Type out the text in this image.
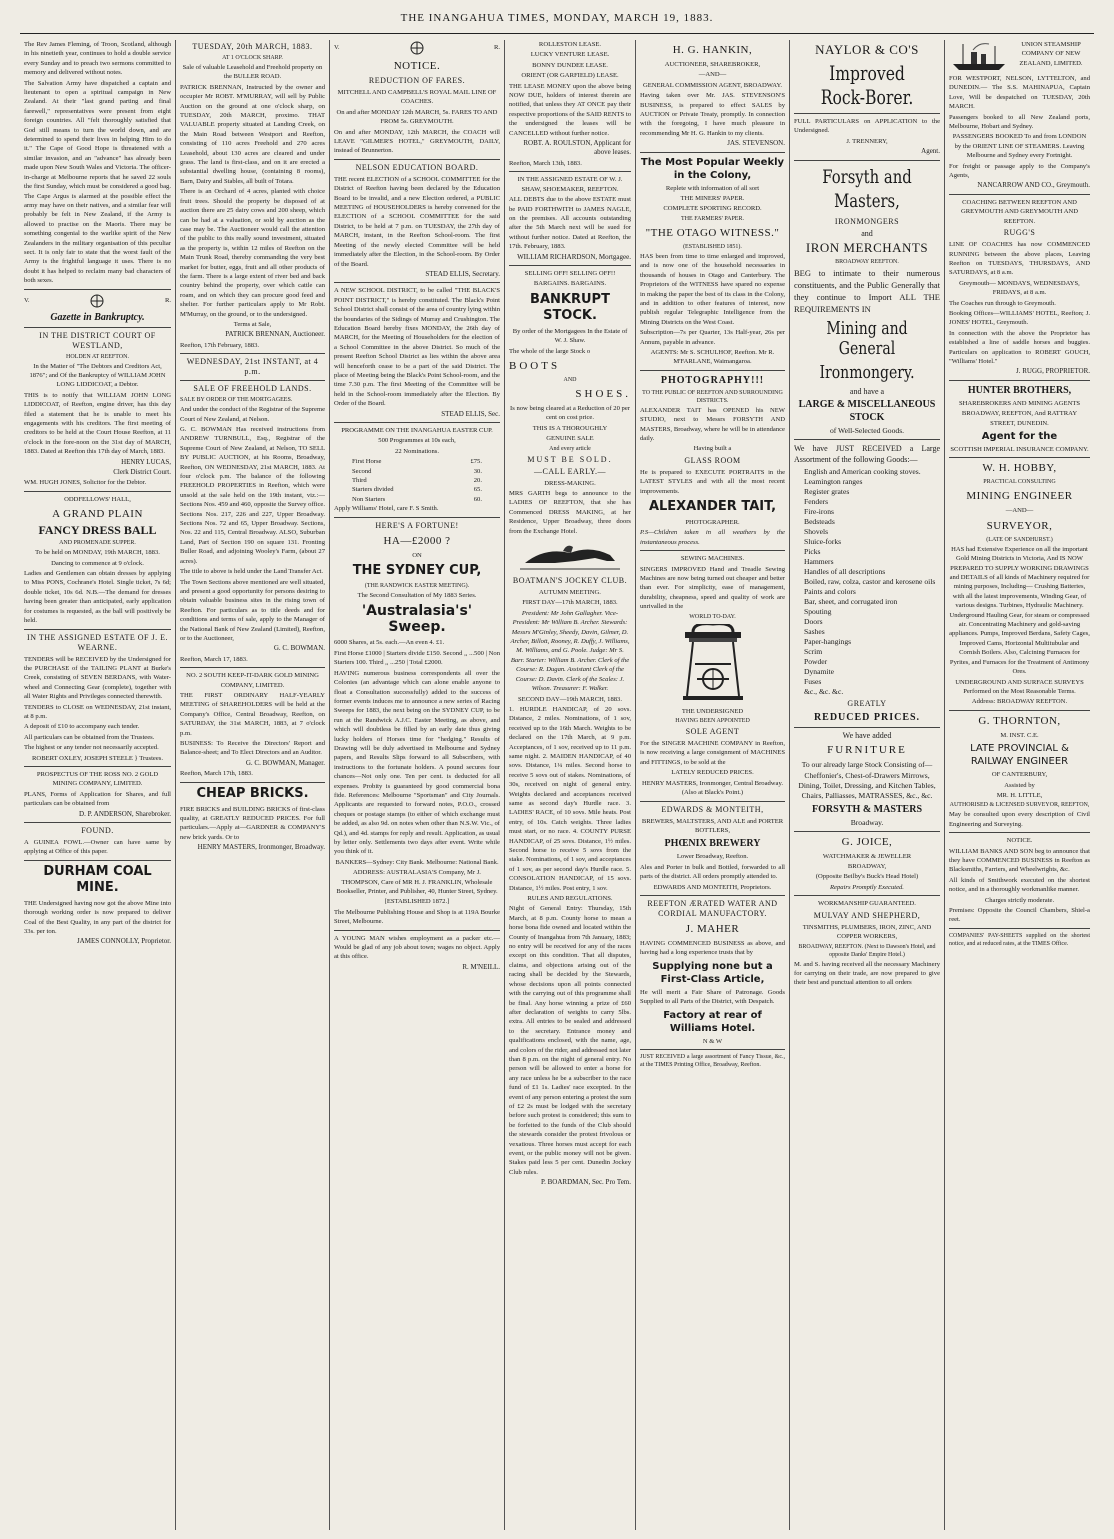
THE INANGAHUA TIMES, MONDAY, MARCH 19, 1883.

The Rev James Fleming, of Troon, Scotland, although in his ninetieth year, continues to hold a double service every Sunday and to preach two sermons committed to memory and delivered without notes.

The Salvation Army have dispatched a captain and lieutenant to open a spiritual campaign in New Zealand. At their "last grand parting and final farewell," representatives were present from eight foreign countries. All "felt thoroughly satisfied that God still means to turn the world down, and are determined to spend their lives in helping Him to do it." The Cape of Good Hope is threatened with a similar invasion, and an "advance" has already been made upon New South Wales and Victoria. The officer-in-charge at Melbourne reports that he saved 22 souls the first Sunday, which must be considered a good bag. The Cape Argus is alarmed at the possible effect the army may have on their natives, and a similar fear will probably be felt in New Zealand, if the Army is allowed to practise on the Maoris. There may be something congenial to the warlike spirit of the New Zealanders in the military organisation of this peculiar sect. It is only fair to state that the worst fault of the Army is the frightful language it uses. There is no doubt it has helped to reclaim many bad characters of both sexes.

V.	R.
Gazette in Bankruptcy.
IN THE DISTRICT COURT OF WESTLAND,

HOLDEN AT REEFTON.

In the Matter of "The Debtors and Creditors Act, 1876"; and Of the Bankruptcy of WILLIAM JOHN LONG LIDDICOAT, a Debtor.

THIS is to notify that WILLIAM JOHN LONG LIDDICOAT, of Reefton, engine driver, has this day filed a statement that he is unable to meet his engagements with his creditors. The first meeting of creditors to be held at the Court House Reefton, at 11 o'clock in the fore-noon on the 31st day of MARCH, 1883. Dated at Reefton this 17th day of March, 1883.

HENRY LUCAS,

Clerk District Court.

WM. HUGH JONES, Solicitor for the Debtor.

ODDFELLOWS' HALL,

A GRAND PLAIN
FANCY DRESS BALL

AND PROMENADE SUPPER.

To be held on MONDAY, 19th MARCH, 1883.

Dancing to commence at 9 o'clock.

Ladies and Gentlemen can obtain dresses by applying to Miss PONS, Cochrane's Hotel. Single ticket, 7s 6d; double ticket, 10s 6d. N.B.—The demand for dresses having been greater than anticipated, early application for costumes is requested, as the ball will positively be held.

IN THE ASSIGNED ESTATE OF J. E. WEARNE.

TENDERS will be RECEIVED by the Undersigned for the PURCHASE of the TAILING PLANT at Burke's Creek, consisting of SEVEN BERDANS, with Water-wheel and Connecting Gear (complete), together with all Water Rights and Privileges connected therewith.

TENDERS to CLOSE on WEDNESDAY, 21st instant, at 8 p.m.

A deposit of £10 to accompany each tender.

All particulars can be obtained from the Trustees.

The highest or any tender not necessarily accepted.

ROBERT OXLEY, JOSEPH STEELE } Trustees.

PROSPECTUS OF THE ROSS NO. 2 GOLD MINING COMPANY, LIMITED.

PLANS, Forms of Application for Shares, and full particulars can be obtained from

D. P. ANDERSON, Sharebroker.

FOUND.

A GUINEA FOWL.—Owner can have same by applying at Office of this paper.

DURHAM COAL MINE.

THE Undersigned having now got the above Mine into thorough working order is now prepared to deliver Coal of the Best Quality, in any part of the district for 33s. per ton.

JAMES CONNOLLY, Proprietor.

TUESDAY, 20th MARCH, 1883.

AT 1 O'CLOCK SHARP.

Sale of valuable Leasehold and Freehold property on the BULLER ROAD.

PATRICK BRENNAN, Instructed by the owner and occupier Mr ROBT. M'MURRAY, will sell by Public Auction on the ground at one o'clock sharp, on TUESDAY, 20th MARCH, proximo. THAT VALUABLE property situated at Landing Creek, on the Main Road between Westport and Reefton, consisting of 110 acres Freehold and 270 acres Leasehold, about 130 acres are cleared and under grass. The land is first-class, and on it are erected a substantial dwelling house, (containing 8 rooms), Barn, Dairy and Stables, all built of Totara.

There is an Orchard of 4 acres, planted with choice fruit trees. Should the property be disposed of at auction there are 25 dairy cows and 200 sheep, which can be had at a valuation, or sold by auction as the case may be. The Auctioneer would call the attention of the public to this really sound investment, situated as the property is, within 12 miles of Reefton on the Main Trunk Road, thereby commanding the very best market for butter, eggs, fruit and all other products of the farm. There is a large extent of river bed and back country behind the property, over which cattle can roam, and on which they can procure good feed and shelter. For further particulars apply to Mr Robt. M'Murray, on the ground, or to the undersigned.

Terms at Sale,

PATRICK BRENNAN, Auctioneer.

Reefton, 17th February, 1883.

WEDNESDAY, 21st INSTANT, at 4 p.m.
SALE OF FREEHOLD LANDS.

SALE BY ORDER OF THE MORTGAGEES.

And under the conduct of the Registrar of the Supreme Court of New Zealand, at Nelson.

G. C. BOWMAN Has received instructions from ANDREW TURNBULL, Esq., Registrar of the Supreme Court of New Zealand, at Nelson, TO SELL BY PUBLIC AUCTION, at his Rooms, Broadway, Reefton, ON WEDNESDAY, 21st MARCH, 1883. At four o'clock p.m. The balance of the following FREEHOLD PROPERTIES in Reefton, which were unsold at the sale held on the 19th instant, viz.:— Sections Nos. 459 and 460, opposite the Survey office. Sections Nos. 217, 226 and 227, Upper Broadway. Sections Nos. 72 and 65, Upper Broadway. Sections, Nos. 22 and 115, Central Broadway. ALSO, Suburban Land, Part of Section 190 on square 131. Fronting Buller Road, and adjoining Wooley's Farm, (about 27 acres).

The title to above is held under the Land Transfer Act.

The Town Sections above mentioned are well situated, and present a good opportunity for persons desiring to obtain valuable business sites in the rising town of Reefton. For particulars as to title deeds and for conditions and terms of sale, apply to the Manager of the National Bank of New Zealand (Limited), Reefton, or to the Auctioneer,

G. C. BOWMAN.

Reefton, March 17, 1883.

NO. 2 SOUTH KEEP-IT-DARK GOLD MINING COMPANY, LIMITED.

THE FIRST ORDINARY HALF-YEARLY MEETING of SHAREHOLDERS will be held at the Company's Office, Central Broadway, Reefton, on SATURDAY, the 31st MARCH, 1883, at 7 o'clock p.m.

BUSINESS: To Receive the Directors' Report and Balance-sheet; and To Elect Directors and an Auditor.

G. C. BOWMAN, Manager.

Reefton, March 17th, 1883.

CHEAP BRICKS.

FIRE BRICKS and BUILDING BRICKS of first-class quality, at GREATLY REDUCED PRICES. For full particulars.—Apply at—GARDNER & COMPANY'S new brick yards. Or to

HENRY MASTERS, Ironmonger, Broadway.

V.	R.
NOTICE.
REDUCTION OF FARES.

MITCHELL AND CAMPBELL'S ROYAL MAIL LINE OF COACHES.

On and after MONDAY 12th MARCH, 5s. FARES TO AND FROM 5s. GREYMOUTH.

On and after MONDAY, 12th MARCH, the COACH will LEAVE "GILMER'S HOTEL," GREYMOUTH, DAILY, instead of Brunnerton.

NELSON EDUCATION BOARD.

THE recent ELECTION of a SCHOOL COMMITTEE for the District of Reefton having been declared by the Education Board to be invalid, and a new Election ordered, a PUBLIC MEETING of HOUSEHOLDERS is hereby convened for the ELECTION of a SCHOOL COMMITTEE for the said District, to be held at 7 p.m. on TUESDAY, the 27th day of MARCH, instant, in the Reefton School-room. The first Meeting of the newly elected Committee will be held immediately after the Election, in the School-room. By Order of the Board.

STEAD ELLIS, Secretary.

A NEW SCHOOL DISTRICT, to be called "THE BLACK'S POINT DISTRICT," is hereby constituted. The Black's Point School District shall consist of the area of country lying within the boundaries of the Sidings of Murray and Crushington. The Education Board hereby fixes MONDAY, the 26th day of MARCH, for the Meeting of Householders for the election of a School Committee in the above District. So much of the present Reefton School District as lies within the above area will henceforth cease to be a part of the said District. The place of Meeting being the Black's Point School-room, and the time 7.30 p.m. The first Meeting of the Committee will be held in the School-room immediately after the Election. By Order of the Board.

STEAD ELLIS, Sec.

PROGRAMME ON THE INANGAHUA EASTER CUP.

500 Programmes at 10s each,

22 Nominations.

First Horse	£75.
Second	30.
Third	20.
Starters divided	65.
Non Starters	60.

Apply Williams' Hotel, care F. S Smith.

HERE'S A FORTUNE!
HA—£2000 ?

ON

THE SYDNEY CUP,

(THE RANDWICK EASTER MEETING).

The Second Consultation of My 1883 Series.

'Australasia's' Sweep.

6000 Shares, at 5s. each.—An even 4. £1.

First Horse £1000 | Starters divide £150. Second ,, ...500 | Non Starters 100. Third ,, ...250 | Total £2000.

HAVING numerous business correspondents all over the Colonies (an advantage which can alone enable anyone to float a Consultation successfully) added to the success of former events induces me to announce a new series of Racing Sweeps for 1883, the next being on the SYDNEY CUP, to be run at the Randwick A.J.C. Easter Meeting, as above, and which will doubtless be filled by an early date thus giving lucky holders of Horses time for "hedging." Results of Drawing will be duly advertised in Melbourne and Sydney papers, and Results Slips forward to all Subscribers, with instructions to the fortunate holders. A pound secures four chances—Not only one. Ten per cent. is deducted for all expenses. Probity is guaranteed by good commercial bona fide. References: Melbourne "Sportsman" and City Journals. Applicants are requested to forward notes, P.O.O., crossed cheques or postage stamps (to either of which exchange must be added, as also 9d. on notes when other than N.S.W. Vic., of Qd.), and 4d. stamps for reply and result. Application, as usual by letter only. Settlements two days after event. Write while you think of it.

BANKERS—Sydney: City Bank. Melbourne: National Bank.

ADDRESS: AUSTRALASIA'S Company, Mr J. THOMPSON, Care of MR H. J. FRANKLIN, Wholesale Bookseller, Printer, and Publisher, 40, Hunter Street, Sydney.

[ESTABLISHED 1872.]

The Melbourne Publishing House and Shop is at 119A Bourke Street, Melbourne.

A YOUNG MAN wishes employment as a packer etc.—Would be glad of any job about town; wages no object. Apply at this office.

R. M'NEILL.

ROLLESTON LEASE.

LUCKY VENTURE LEASE.

BONNY DUNDEE LEASE.

ORIENT (OR GARFIELD) LEASE.

THE LEASE MONEY upon the above being NOW DUE, holders of interest therein are notified, that unless they AT ONCE pay their respective proportions of the SAID RENTS to the undersigned the leases will be CANCELLED without further notice.

ROBT. A. ROULSTON, Applicant for above leases.

Reefton, March 13th, 1883.

IN THE ASSIGNED ESTATE OF W. J. SHAW, SHOEMAKER, REEFTON.

ALL DEBTS due to the above ESTATE must be PAID FORTHWITH to JAMES NAGLE, on the premises. All accounts outstanding after the 5th March next will be sued for without further notice. Dated at Reefton, the 17th. February, 1883.

WILLIAM RICHARDSON, Mortgagee.

SELLING OFF! SELLING OFF!!

BARGAINS. BARGAINS.

BANKRUPT STOCK.

By order of the Mortgagees In the Estate of W. J. Shaw.

The whole of the large Stock o

BOOTS

AND

SHOES.

Is now being cleared at a Reduction of 20 per cent on cost price.

THIS IS A THOROUGHLY

GENUINE SALE

And every article

MUST BE SOLD.
—CALL EARLY.—

DRESS-MAKING.

MRS GARTH begs to announce to the LADIES OF REEFTON, that she has Commenced DRESS MAKING, at her Residence, Upper Broadway, three doors from the Exchange Hotel.

BOATMAN'S JOCKEY CLUB.

AUTUMN MEETING.

FIRST DAY—17th MARCH, 1883.

President: Mr John Gallagher. Vice-President: Mr William B. Archer. Stewards: Messrs M'Ginley, Sheedy, Davin, Gilmer, D. Archer, Billott, Rooney, R. Duffy, J. Williams, M. Williams, and G. Poole. Judge: Mr S. Barr. Starter: William B. Archer. Clerk of the Course: R. Dugan. Assistant Clerk of the Course: D. Davin. Clerk of the Scales: J. Wilson. Treasurer: F. Walker.

SECOND DAY—19th MARCH, 1883.

1. HURDLE HANDICAP, of 20 sovs. Distance, 2 miles. Nominations, of 1 sov, received up to the 16th March. Weights to be declared on the 17th March, at 9 p.m. Acceptances, of 1 sov, received up to 11 p.m. same night. 2. MAIDEN HANDICAP, of 40 sovs. Distance, 1¼ miles. Second horse to receive 5 sovs out of stakes. Nominations, of 30s, received on night of general entry. Weights declared and acceptances received same as second day's Hurdle race. 3. LADIES' RACE, of 10 sovs. Mile heats. Post entry, of 10s. Catch weights. Three ladies must start, or no race. 4. COUNTY PURSE HANDICAP, of 25 sovs. Distance, 1½ miles. Second horse to receive 5 sovs from the stake. Nominations, of 1 sov, and acceptances of 1 sov, as per second day's Hurdle race. 5. CONSOLATION HANDICAP, of 15 sovs. Distance, 1½ miles. Post entry, 1 sov.

RULES AND REGULATIONS.

Night of General Entry: Thursday, 15th March, at 8 p.m. County horse to mean a horse bona fide owned and located within the County of Inangahua from 7th January, 1883; no entry will be received for any of the races except on this condition. That all disputes, claims, and objections arising out of the racing shall be decided by the Stewards, whose decisions upon all points connected with the carrying out of this programme shall be final. Any horse winning a prize of £60 after declaration of weights to carry 5lbs. extra. All entries to be sealed and addressed to the secretary. Entrance money and qualifications enclosed, with the name, age, and colors of the rider, and addressed not later than 8 p.m. on the night of general entry. No person will be allowed to enter a horse for any race unless he be a subscriber to the race fund of £1 1s. Ladies' race excepted. In the event of any person entering a protest the sum of £2 2s must be lodged with the secretary before such protest is considered; this sum to be forfeited to the funds of the Club should the stewards consider the protest frivolous or vexatious. Three horses must accept for each event, or the public money will not be given. Stakes paid less 5 per cent. Dunedin Jockey Club rules.

P. BOARDMAN, Sec. Pro Tem.

H. G. HANKIN,

AUCTIONEER, SHAREBROKER,

—AND—

GENERAL COMMISSION AGENT, BROADWAY.

Having taken over Mr. JAS. STEVENSON'S BUSINESS, is prepared to effect SALES by AUCTION or Private Treaty, promptly. In connection with the foregoing, I have much pleasure in recommending Mr H. G. Hankin to my clients.

JAS. STEVENSON.

The Most Popular Weekly in the Colony,

Replete with information of all sort

THE MINERS' PAPER.

COMPLETE SPORTING RECORD.

THE FARMERS' PAPER.

"THE OTAGO WITNESS."

(ESTABLISHED 1851).

HAS been from time to time enlarged and improved, and is now one of the household necessaries in thousands of houses in Otago and Canterbury. The Proprietors of the WITNESS have spared no expense in making the paper the best of its class in the Colony, and in addition to other features of interest, now publish regular Telegraphic Intelligence from the Mining Districts on the West Coast.

Subscription—7s per Quarter, 13s Half-year, 26s per Annum, payable in advance.

AGENTS: Mr S. SCHULHOF, Reefton. Mr R. M'FARLANE, Waimangaroa.

PHOTOGRAPHY!!!

TO THE PUBLIC OF REEFTON AND SURROUNDING DISTRICTS.

ALEXANDER TAIT has OPENED his NEW STUDIO, next to Messrs FORSYTH AND MASTERS, Broadway, where he will be in attendance daily.

Having built a

GLASS ROOM

He is prepared to EXECUTE PORTRAITS in the LATEST STYLES and with all the most recent improvements.

ALEXANDER TAIT,

PHOTOGRAPHER.

P.S—Children taken in all weathers by the instantaneous process.

SEWING MACHINES.

SINGERS IMPROVED Hand and Treadle Sewing Machines are now being turned out cheaper and better than ever. For simplicity, ease of management, durability, cheapness, speed and quality of work are unrivalled in the

WORLD TO-DAY.

THE UNDERSIGNED

HAVING BEEN APPOINTED

SOLE AGENT

For the SINGER MACHINE COMPANY in Reefton, is now receiving a large consignment of MACHINES and FITTINGS, to be sold at the

LATELY REDUCED PRICES.

HENRY MASTERS, Ironmonger, Central Broadway. (Also at Black's Point.)

EDWARDS & MONTEITH,

BREWERS, MALTSTERS, AND ALE and PORTER BOTTLERS,

PHŒNIX BREWERY

Lower Broadway, Reefton.

Ales and Porter in bulk and Bottled, forwarded to all parts of the district. All orders promptly attended to.

EDWARDS AND MONTEITH, Proprietors.

REEFTON ÆRATED WATER AND CORDIAL MANUFACTORY.
J. MAHER

HAVING COMMENCED BUSINESS as above, and having had a long experience trusts that by

Supplying none but a First-Class Article,

He will merit a Fair Share of Patronage. Goods Supplied to all Parts of the District, with Despatch.

Factory at rear of Williams Hotel.

N & W

JUST RECEIVED a large assortment of Fancy Tissue, &c., at the TIMES Printing Office, Broadway, Reefton.

NAYLOR & CO'S
Improved Rock-Borer.

FULL PARTICULARS on APPLICATION to the Undersigned.

J. TRENNERY,

Agent.

Forsyth and Masters,
IRONMONGERS

and

IRON MERCHANTS

BROADWAY REEFTON.

BEG to intimate to their numerous constituents, and the Public Generally that they continue to Import ALL THE REQUIREMENTS IN

Mining and General
Ironmongery.

and have a

LARGE & MISCELLANEOUS STOCK

of Well-Selected Goods.

We have JUST RECEIVED a Large Assortment of the following Goods:—

English and American cooking stoves.
Leamington ranges
Register grates
Fenders
Fire-irons
Bedsteads
Shovels
Sluice-forks
Picks
Hammers
Handles of all descriptions
Boiled, raw, colza, castor and kerosene oils
Paints and colors
Bar, sheet, and corrugated iron
Spouting
Doors
Sashes
Paper-hangings
Scrim
Powder
Dynamite
Fuses
&c., &c. &c.
GREATLY
REDUCED PRICES.

We have added

FURNITURE

To our already large Stock Consisting of—

Cheffonier's, Chest-of-Drawers Mirrows, Dining, Toilet, Dressing, and Kitchen Tables, Chairs, Palliasses, MATRASSES, &c., &c.

FORSYTH & MASTERS

Broadway.

G. JOICE,

WATCHMAKER & JEWELLER

BROADWAY,

(Opposite Beilby's Buck's Head Hotel)

Repairs Promptly Executed.

WORKMANSHIP GUARANTEED.

MULVAY AND SHEPHERD,

TINSMITHS, PLUMBERS, IRON, ZINC, AND COPPER WORKERS,

BROADWAY, REEFTON. (Next to Dawson's Hotel, and opposite Danks' Empire Hotel.)

M. and S. having received all the necessary Machinery for carrying on their trade, are now prepared to give their best and punctual attention to all orders

UNION STEAMSHIP COMPANY OF NEW ZEALAND, LIMITED.

FOR WESTPORT, NELSON, LYTTELTON, and DUNEDIN.— The S.S. MAHINAPUA, Captain Love, Will be despatched on TUESDAY, 20th MARCH.

Passengers booked to all New Zealand ports, Melbourne, Hobart and Sydney.

PASSENGERS BOOKED To and from LONDON by the ORIENT LINE OF STEAMERS. Leaving Melbourne and Sydney every Fortnight.

For freight or passage apply to the Company's Agents,

NANCARROW AND CO., Greymouth.

COACHING BETWEEN REEFTON AND GREYMOUTH AND GREYMOUTH AND REEFTON.

RUGG'S

LINE OF COACHES has now COMMENCED RUNNING between the above places, Leaving Reefton on TUESDAYS, THURSDAYS, AND SATURDAYS, at 8 a.m.

Greymouth— MONDAYS, WEDNESDAYS, FRIDAYS, at 8 a.m.

The Coaches run through to Greymouth.

Booking Offices—WILLIAMS' HOTEL, Reefton; J. JONES' HOTEL, Greymouth.

In connection with the above the Proprietor has established a line of saddle horses and buggies. Particulars on application to ROBERT GOUCH, "Williams' Hotel."

J. RUGG, PROPRIETOR.

HUNTER BROTHERS,

SHAREBROKERS AND MINING AGENTS

BROADWAY, REEFTON, And RATTRAY STREET, DUNEDIN.

Agent for the

SCOTTISH IMPERIAL INSURANCE COMPANY.

W. H. HOBBY,

PRACTICAL CONSULTING

MINING ENGINEER

—AND—

SURVEYOR,

(LATE OF SANDHURST.)

HAS had Extensive Experience on all the important Gold Mining Districts in Victoria, And IS NOW PREPARED TO SUPPLY WORKING DRAWINGS and DETAILS of all kinds of Machinery required for mining purposes, Including— Crushing Batteries, with all the latest improvements, Winding Gear, of various designs. Turbines, Hydraulic Machinery. Underground Hauling Gear, for steam or compressed air. Concentrating Machinery and gold-saving appliances. Pumps, Improved Berdans, Safety Cages, Improved Cams, Horizontal Multitubular and Cornish Boilers. Also, Calcining Furnaces for Pyrites, and Furnaces for the Treatment of Antimony Ores.

UNDERGROUND AND SURFACE SURVEYS Performed on the Most Reasonable Terms.

Address: BROADWAY REEFTON.

G. THORNTON,

M. INST. C.E.

LATE PROVINCIAL & RAILWAY ENGINEER

OF CANTERBURY,

Assisted by

MR. H. LITTLE,

AUTHORISED & LICENSED SURVEYOR, REEFTON,

May be consulted upon every description of Civil Engineering and Surveying.

NOTICE.

WILLIAM BANKS AND SON beg to announce that they have COMMENCED BUSINESS in Reefton as Blacksmiths, Farriers, and Wheelwrights, &c.

All kinds of Smithwork executed on the shortest notice, and in a thoroughly workmanlike manner.

Charges strictly moderate.

Premises: Opposite the Council Chambers, Shiel-a reet.

COMPANIES' PAY-SHEETS supplied on the shortest notice, and at reduced rates, at the TIMES Office.
